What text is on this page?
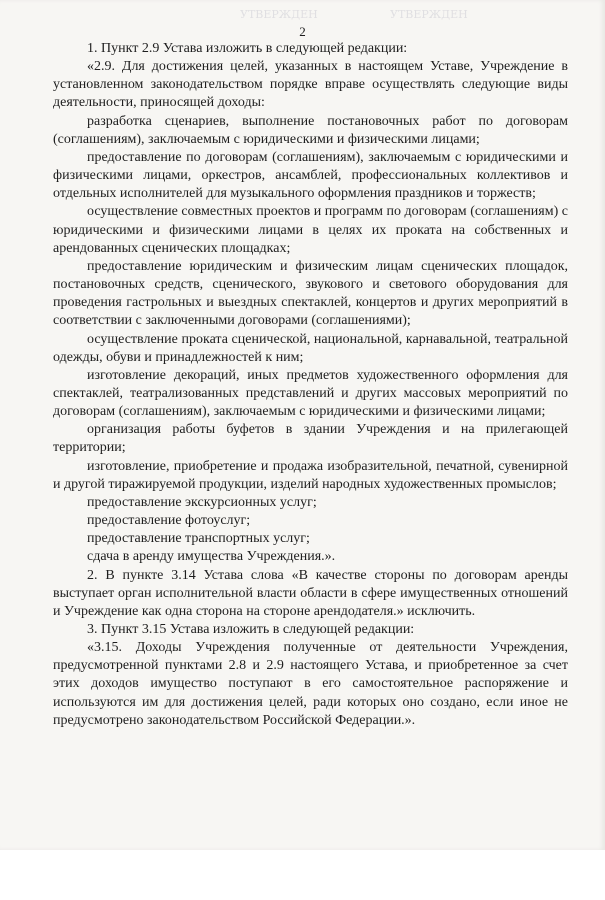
УТВЕРЖДЕН	УТВЕРЖДЕН
2

1. Пункт 2.9 Устава изложить в следующей редакции:

«2.9. Для достижения целей, указанных в настоящем Уставе, Учреждение в установленном законодательством порядке вправе осуществлять следующие виды деятельности, приносящей доходы:

разработка сценариев, выполнение постановочных работ по договорам (соглашениям), заключаемым с юридическими и физическими лицами;

предоставление по договорам (соглашениям), заключаемым с юридическими и физическими лицами, оркестров, ансамблей, профессиональных коллективов и отдельных исполнителей для музыкального оформления праздников и торжеств;

осуществление совместных проектов и программ по договорам (соглашениям) с юридическими и физическими лицами в целях их проката на собственных и арендованных сценических площадках;

предоставление юридическим и физическим лицам сценических площадок, постановочных средств, сценического, звукового и светового оборудования для проведения гастрольных и выездных спектаклей, концертов и других мероприятий в соответствии с заключенными договорами (соглашениями);

осуществление проката сценической, национальной, карнавальной, театральной одежды, обуви и принадлежностей к ним;

изготовление декораций, иных предметов художественного оформления для спектаклей, театрализованных представлений и других массовых мероприятий по договорам (соглашениям), заключаемым с юридическими и физическими лицами;

организация работы буфетов в здании Учреждения и на прилегающей территории;

изготовление, приобретение и продажа изобразительной, печатной, сувенирной и другой тиражируемой продукции, изделий народных художественных промыслов;

предоставление экскурсионных услуг;

предоставление фотоуслуг;

предоставление транспортных услуг;

сдача в аренду имущества Учреждения.».

2. В пункте 3.14 Устава слова «В качестве стороны по договорам аренды выступает орган исполнительной власти области в сфере имущественных отношений и Учреждение как одна сторона на стороне арендодателя.» исключить.

3. Пункт 3.15 Устава изложить в следующей редакции:

«3.15. Доходы Учреждения полученные от деятельности Учреждения, предусмотренной пунктами 2.8 и 2.9 настоящего Устава, и приобретенное за счет этих доходов имущество поступают в его самостоятельное распоряжение и используются им для достижения целей, ради которых оно создано, если иное не предусмотрено законодательством Российской Федерации.».
